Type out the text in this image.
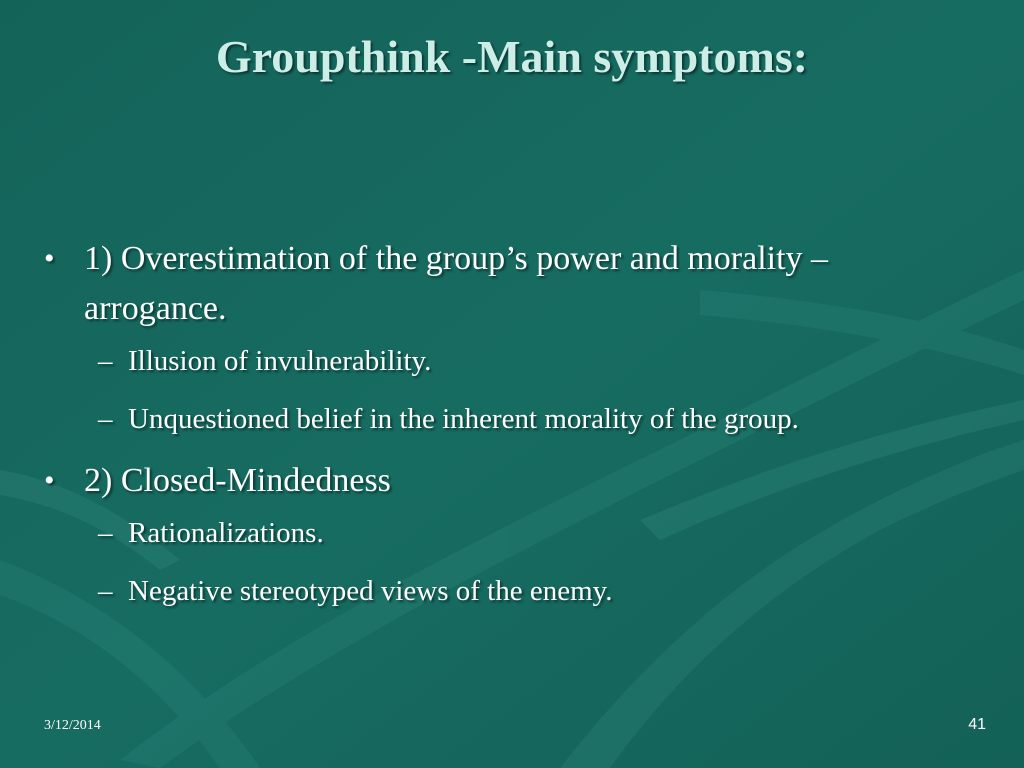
Groupthink -Main symptoms:
• 1) Overestimation of the group’s power and morality – arrogance.
– Illusion of invulnerability.
– Unquestioned belief in the inherent morality of the group.
• 2) Closed-Mindedness
– Rationalizations.
– Negative stereotyped views of the enemy.
3/12/2014	41
